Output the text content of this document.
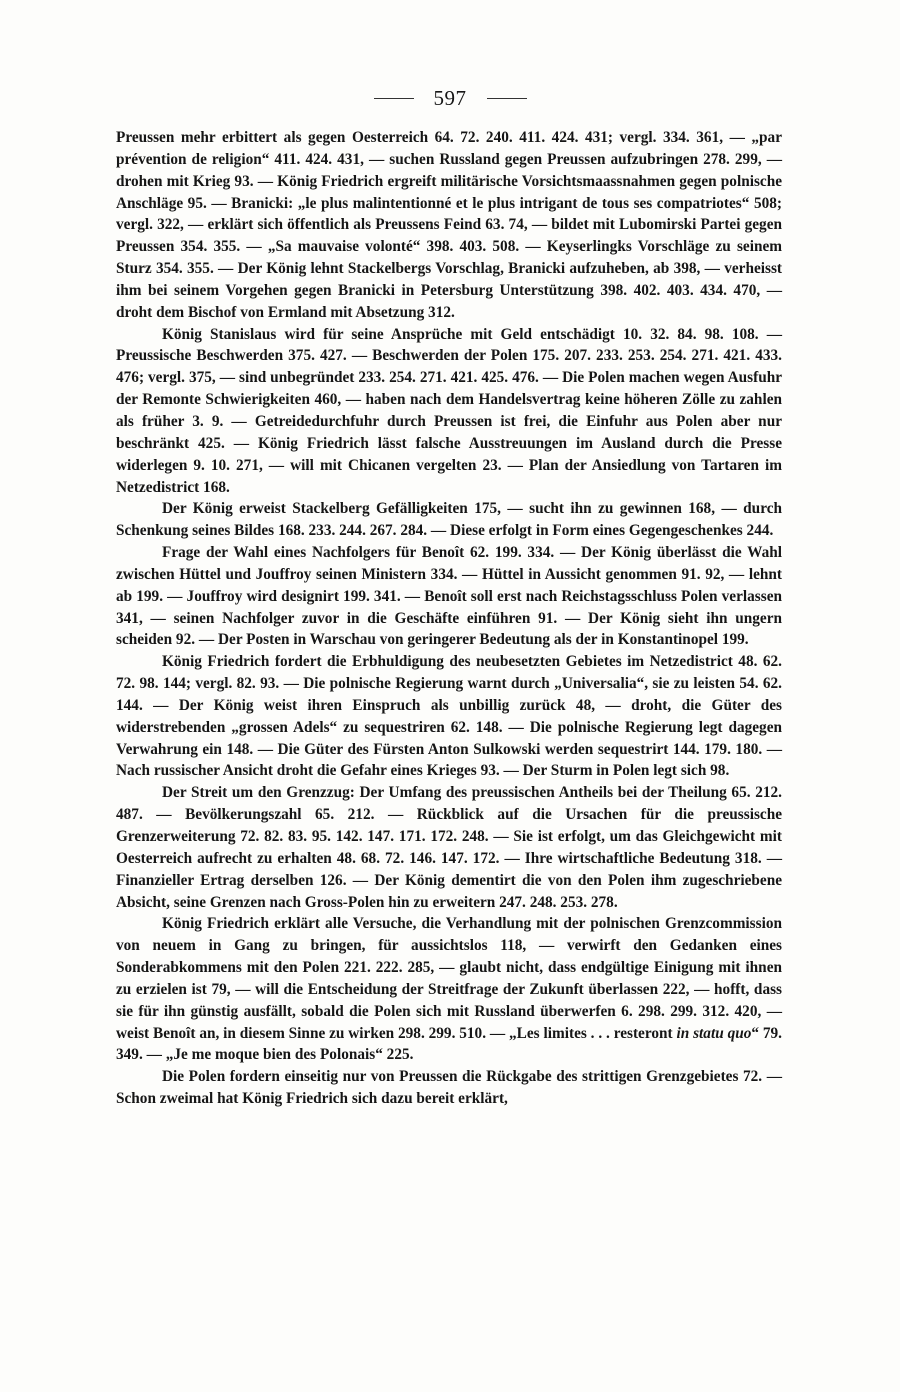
597

Preussen mehr erbittert als gegen Oesterreich 64. 72. 240. 411. 424. 431; vergl. 334. 361, — „par prévention de religion“ 411. 424. 431, — suchen Russland gegen Preussen aufzubringen 278. 299, — drohen mit Krieg 93. — König Friedrich ergreift militärische Vorsichtsmaassnahmen gegen polnische Anschläge 95. — Branicki: „le plus malintentionné et le plus intrigant de tous ses compatriotes“ 508; vergl. 322, — erklärt sich öffentlich als Preussens Feind 63. 74, — bildet mit Lubomirski Partei gegen Preussen 354. 355. — „Sa mauvaise volonté“ 398. 403. 508. — Keyserlingks Vorschläge zu seinem Sturz 354. 355. — Der König lehnt Stackelbergs Vorschlag, Branicki aufzuheben, ab 398, — verheisst ihm bei seinem Vorgehen gegen Branicki in Petersburg Unterstützung 398. 402. 403. 434. 470, — droht dem Bischof von Ermland mit Absetzung 312.

König Stanislaus wird für seine Ansprüche mit Geld entschädigt 10. 32. 84. 98. 108. — Preussische Beschwerden 375. 427. — Beschwerden der Polen 175. 207. 233. 253. 254. 271. 421. 433. 476; vergl. 375, — sind unbegründet 233. 254. 271. 421. 425. 476. — Die Polen machen wegen Ausfuhr der Remonte Schwierigkeiten 460, — haben nach dem Handelsvertrag keine höheren Zölle zu zahlen als früher 3. 9. — Getreidedurchfuhr durch Preussen ist frei, die Einfuhr aus Polen aber nur beschränkt 425. — König Friedrich lässt falsche Ausstreuungen im Ausland durch die Presse widerlegen 9. 10. 271, — will mit Chicanen vergelten 23. — Plan der Ansiedlung von Tartaren im Netzedistrict 168.

Der König erweist Stackelberg Gefälligkeiten 175, — sucht ihn zu gewinnen 168, — durch Schenkung seines Bildes 168. 233. 244. 267. 284. — Diese erfolgt in Form eines Gegengeschenkes 244.

Frage der Wahl eines Nachfolgers für Benoît 62. 199. 334. — Der König überlässt die Wahl zwischen Hüttel und Jouffroy seinen Ministern 334. — Hüttel in Aussicht genommen 91. 92, — lehnt ab 199. — Jouffroy wird designirt 199. 341. — Benoît soll erst nach Reichstagsschluss Polen verlassen 341, — seinen Nachfolger zuvor in die Geschäfte einführen 91. — Der König sieht ihn ungern scheiden 92. — Der Posten in Warschau von geringerer Bedeutung als der in Konstantinopel 199.

König Friedrich fordert die Erbhuldigung des neubesetzten Gebietes im Netzedistrict 48. 62. 72. 98. 144; vergl. 82. 93. — Die polnische Regierung warnt durch „Universalia“, sie zu leisten 54. 62. 144. — Der König weist ihren Einspruch als unbillig zurück 48, — droht, die Güter des widerstrebenden „grossen Adels“ zu sequestriren 62. 148. — Die polnische Regierung legt dagegen Verwahrung ein 148. — Die Güter des Fürsten Anton Sulkowski werden sequestrirt 144. 179. 180. — Nach russischer Ansicht droht die Gefahr eines Krieges 93. — Der Sturm in Polen legt sich 98.

Der Streit um den Grenzzug: Der Umfang des preussischen Antheils bei der Theilung 65. 212. 487. — Bevölkerungszahl 65. 212. — Rückblick auf die Ursachen für die preussische Grenzerweiterung 72. 82. 83. 95. 142. 147. 171. 172. 248. — Sie ist erfolgt, um das Gleichgewicht mit Oesterreich aufrecht zu erhalten 48. 68. 72. 146. 147. 172. — Ihre wirtschaftliche Bedeutung 318. — Finanzieller Ertrag derselben 126. — Der König dementirt die von den Polen ihm zugeschriebene Absicht, seine Grenzen nach Gross-Polen hin zu erweitern 247. 248. 253. 278.

König Friedrich erklärt alle Versuche, die Verhandlung mit der polnischen Grenzcommission von neuem in Gang zu bringen, für aussichtslos 118, — verwirft den Gedanken eines Sonderabkommens mit den Polen 221. 222. 285, — glaubt nicht, dass endgültige Einigung mit ihnen zu erzielen ist 79, — will die Entscheidung der Streitfrage der Zukunft überlassen 222, — hofft, dass sie für ihn günstig ausfällt, sobald die Polen sich mit Russland überwerfen 6. 298. 299. 312. 420, — weist Benoît an, in diesem Sinne zu wirken 298. 299. 510. — „Les limites . . . resteront in statu quo“ 79. 349. — „Je me moque bien des Polonais“ 225.

Die Polen fordern einseitig nur von Preussen die Rückgabe des strittigen Grenzgebietes 72. — Schon zweimal hat König Friedrich sich dazu bereit erklärt,
